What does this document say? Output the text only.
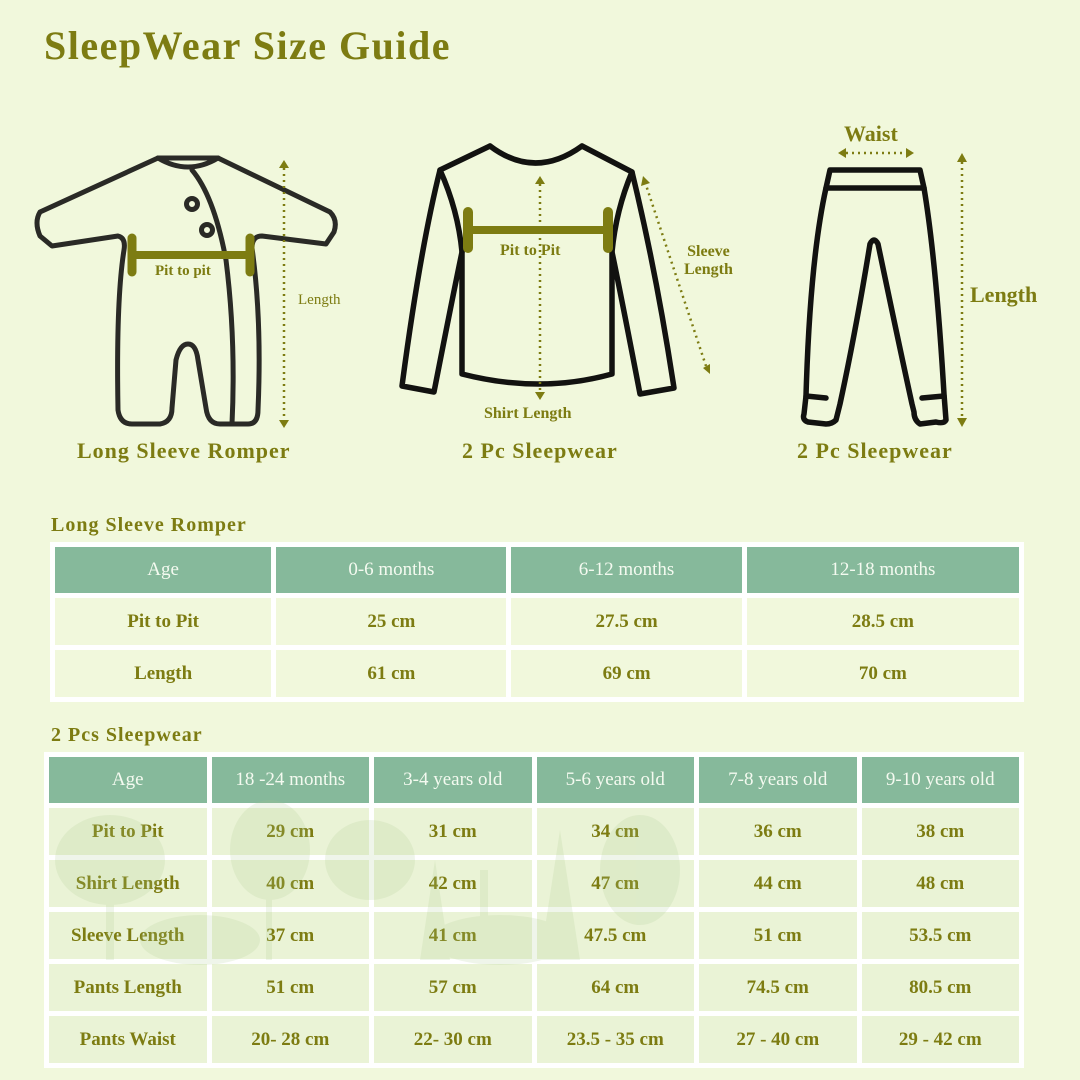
SleepWear Size Guide
Pit to pit
Length
Long Sleeve Romper
Pit to Pit	Sleeve
Length
Shirt Length
2 Pc Sleepwear
Waist
Length
2 Pc Sleepwear
Long Sleeve Romper
Age	0-6 months	6-12 months	12-18 months
Pit to Pit	25 cm	27.5 cm	28.5 cm
Length	61 cm	69 cm	70 cm
2 Pcs Sleepwear
Age	18 -24 months	3-4 years old	5-6 years old	7-8 years old	9-10 years old
Pit to Pit	29 cm	31 cm	34 cm	36 cm	38 cm
Shirt Length	40 cm	42 cm	47 cm	44 cm	48 cm
Sleeve Length	37 cm	41 cm	47.5 cm	51 cm	53.5 cm
Pants Length	51 cm	57 cm	64 cm	74.5 cm	80.5 cm
Pants Waist	20- 28 cm	22- 30 cm	23.5 - 35 cm	27 - 40 cm	29 - 42 cm
